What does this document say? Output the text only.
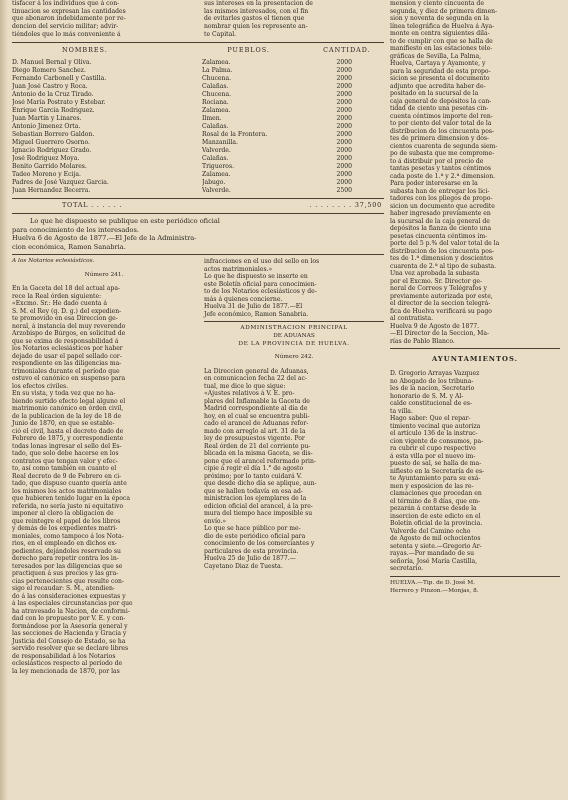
tisfacer á los individuos que á con-
tinuacion se expresan las cantidades
que abonaron indebidamente por re-
dencion del servicio militar; advir-
tiéndoles que lo más conveniente á

sus intereses en la presentacion de
las mismos interesados, con el fin
de evitarles gastos el tienen que
nombrar quien les represente an-
te Capital.

NOMBRES.	PUEBLOS.	CANTIDAD.
D. Manuel Bernal y Oliva.	Zalamea.	2000
Diego Romero Sanchez.	La Palma.	2000
Fernando Carbonell y Castilla.	Chucena.	2000
Juan José Castro y Roca.	Calañas.	2000
Antonio de la Cruz Tirado.	Chucena.	2000
José María Postrato y Estebar.	Rociana.	2000
Enrique García Rodriguez.	Zalamea.	2000
Juan Martín y Linares.	Ilmen.	2000
Antonio Jimenez Orta.	Calañas.	2000
Sebastian Borrero Galdon.	Rosal de la Frontera.	2000
Miguel Guerrero Osorno.	Manzanilla.	2000
Ignacio Rodriguez Grado.	Valverde.	2000
José Rodriguez Moya.	Calañas.	2000
Benito Garrido Molares.	Trigueros.	2000
Tadeo Moreno y Ecija.	Zalamea.	2000
Padres de José Vazquez Garcia.	Jabugo.	2000
Juan Hernandez Becerra.	Valverde.	2500
TOTAL . . . . . .	. . . . . . . . 37,500

Lo que he dispuesto se publique en este periódico oficial
para conocimiento de los interesados.
Huelva 6 de Agosto de 1877.—El Jefe de la Administra-
cion económica, Ramon Sanabria.

A los Notarios eclesiásticos.

Número 241.

En la Gaceta del 18 del actual apa-
rece la Real órden siguiente:
«Excmo. Sr.: He dado cuenta á
S. M. el Rey (q. D. g.) del expedien-
te promovido en esa Direccion ge-
neral, á instancia del muy reverendo
Arzobispo de Búrgos, en solicitud de
que se exima de responsabilidad á
los Notarios eclesiásticos por haber
dejado de usar el papel sellado cor-
respondiente en las diligencias ma-
trimoniales durante el período que
estuvo el canónico en suspenso para
los efectos civiles.
En su vista, y toda vez que no ha-
biendo surtido efecto legal alguno el
matrimonio canónico en órden civil,
de la publicacion de la ley de 18 de
Junio de 1870, en que se estable-
ció el civil, hasta el decreto dado de
Febrero de 1875, y correspondiente
todas lonas ingresar el sello del Es-
tado, que solo debe hacerse en los
contratos que tengan valor y efec-
to, así como también en cuanto el
Real decreto de 9 de Febrero en ci-
tado, que dispuso cuanto quería ante
los mismos los actos matrimoniales
que hubieren tenido lugar en la época
referida, no sería justo ni equitativo
imponer al clero la obligacion de
que reintegre el papel de los libros
y demás de los expedientes matri-
moniales, como tampoco á los Nota-
rios, en el empleado en dichos ex-
pedientes, dejándoles reservado su
derecho para repetir contra los in-
teresados por las diligencias que se
practiquen á sus precios y las gra-
cias pertenecientes que resulte con-
sigo el recaudar: S. M., atendien-
do á las consideraciones expuestas y
á las especiales circunstancias por que
ha atravesado la Nacion, de conformi-
dad con lo propuesto por V. E. y con-
formándose por la Asesoría general y
las secciones de Hacienda y Gracia y
Justicia del Consejo de Estado, se ha
servido resolver que se declare libres
de responsabilidad á los Notarios
eclesiásticos respecto al período de
la ley mencionada de 1870, por las

infracciones en el uso del sello en los
actos matrimoniales.»
Lo que he dispuesto se inserte en
este Boletín oficial para conocimien-
to de los Notarios eclesiásticos y de-
más á quienes concierne.
Huelva 31 de Julio de 1877.—El
Jefe económico, Ramon Sanabria.

ADMINISTRACION PRINCIPAL

DE ADUANAS

DE LA PROVINCIA DE HUELVA.

Número 242.

La Direccion general de Aduanas,
en comunicacion fecha 22 del ac-
tual, me dice lo que sigue:
«Ajustes relativos á V. E. pro-
plares del Inflamable la Gaceta de
Madrid correspondiente al día de
hoy, en el cual se encuentra publi-
cado el arancel de Aduanas refor-
mado con arreglo al art. 31 de la
ley de presupuestos vigente. Por
Real órden de 21 del corriente pu-
blicada en la misma Gaceta, se dis-
pone que el arancel reformado prin-
cipie á regir el día 1.° de agosto
próximo; por lo tanto cuidará V.
que desde dicho día se aplique, aun-
que se hallen todavía en esa ad-
ministracion los ejemplares de la
edicion oficial del arancel, á la pre-
mura del tiempo hace imposible su
envío.»
Lo que se hace público por me-
dio de este periódico oficial para
conocimiento de los comerciantes y
particulares de esta provincia.
Huelva 25 de Julio de 1877.—
Cayetano Diaz de Tuesta.

mension y ciento cincuenta de
segunda, y diez de primera dimen-
sion y noventa de segunda en la
línea telegráfica de Huelva á Aya-
monte en centra siguientes dila-
to de cumplir con que se halla de
manifiesto en las estaciones tele-
gráficas de Sevilla, La Palma,
Huelva, Cartaya y Ayamonte, y
para la seguridad de esta propo-
sicion se presenta el documento
adjunto que acredita haber de-
positado en la sucursal de la
caja general de depósitos la can-
tidad de ciento una pesetas cin-
cuenta céntimos importe del ren-
to por ciento del valor total de la
distribucion de los cincuenta pos-
tes de primera dimension y dos-
cientos cuarenta de segunda siem-
po de subasta que me comprome-
to á distribuir por el precio de
tantas pesetas y tantos céntimos
cada poste de 1.ª y 2.ª dimension.
Para poder interesarse en la
subasta han de entregar los lici-
tadores con los pliegos de propo-
sicion un documento que acredite
haber ingresado previamente en
la sucursal de la caja general de
depósitos la fianza de ciento una
pesetas cincuenta céntimos im-
porte del 5 p.% del valor total de la
distribucion de los cincuenta pos-
tes de 1.ª dimension y doscientos
cuarenta de 2.ª al tipo de subasta.
Una vez aprobada la subasta
por el Excmo. Sr. Director ge-
neral de Correos y Telégrafos y
previamente autorizada por este,
el director de la seccion telegrá-
fica de Huelva verificará su pago
al contratista.
Huelva 9 de Agosto de 1877.
—El Director de la Seccion, Ma-
rías de Pablo Blanco.

AYUNTAMIENTOS.

D. Gregorio Arrayas Vazquez
no Abogado de los tribuna-
les de la nacion, Secretario
honorario de S. M. y Al-
calde constitucional de es-
ta villa.
Hago saber: Que el repar-
timiento vecinal que autoriza
el artículo 136 de la instruc-
cion vigente de consumos, pa-
ra cubrir el cupo respectivo
á esta villa por el nuevo im-
puesto de sal, se halla de ma-
nifiesto en la Secretaría de es-
te Ayuntamiento para su exá-
men y esposicion de las re-
clamaciones que procedan en
el término de 8 días, que em-
pezarán á contarse desde la
insercion de este edicto en el
Boletín oficial de la provincia.
Valverde del Camino ocho
de Agosto de mil ochocientos
setenta y siete.—Gregorio Ar-
rayas.—Por mandado de su
señoría, José María Castilla,
secretario.

HUELVA.—Tip. de D. José M.
Herrero y Pinzon.—Monjas, 8.
